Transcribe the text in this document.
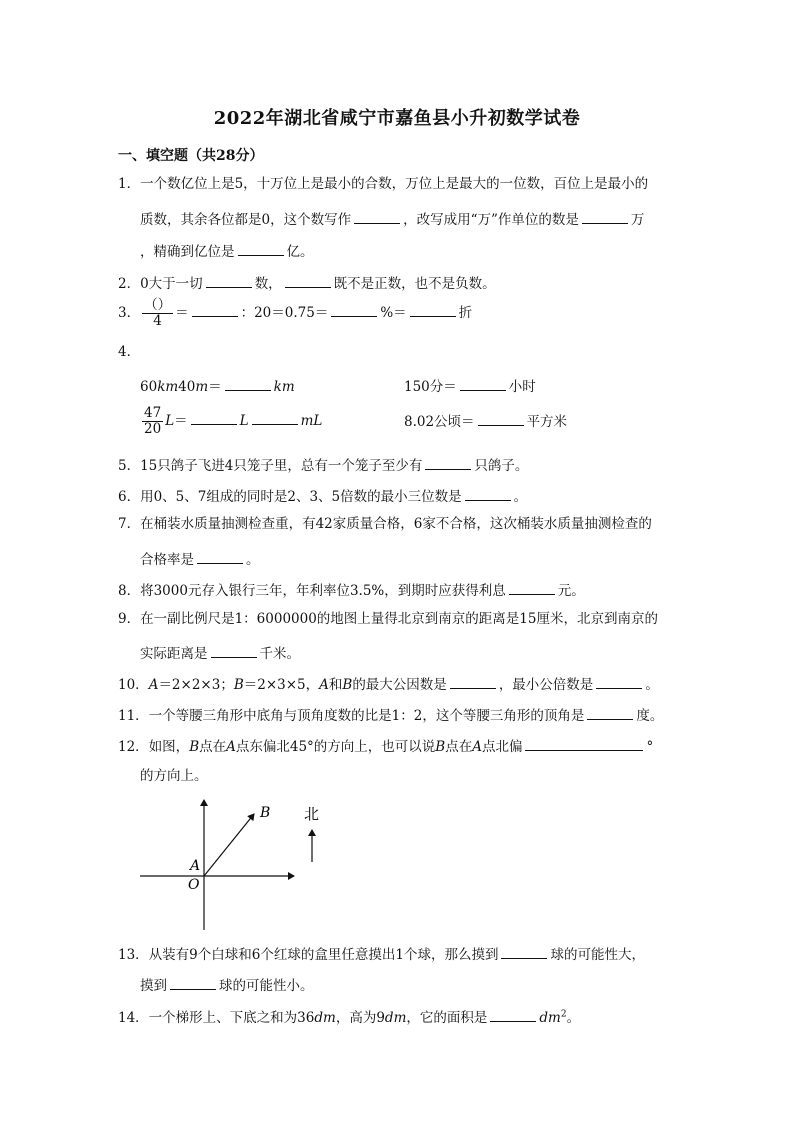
2022年湖北省咸宁市嘉鱼县小升初数学试卷
一、填空题（共28分）
1．一个数亿位上是5，十万位上是最小的合数，万位上是最大的一位数，百位上是最小的
质数，其余各位都是0，这个数写作	，改写成用“万”作单位的数是	万
，精确到亿位是	亿。
2．0大于一切	数，	既不是正数，也不是负数。
3． $\frac{()}{4}$ ＝	：20＝0.75＝	%＝	折
4．
60km40m＝	km	150分＝	小时
$\frac{47}{20} L=$	L	mL	8.02公顷＝	平方米
5．15只鸽子飞进4只笼子里，总有一个笼子至少有	只鸽子。
6．用0、5、7组成的同时是2、3、5倍数的最小三位数是	。
7．在桶装水质量抽测检查重，有42家质量合格，6家不合格，这次桶装水质量抽测检查的
合格率是	。
8．将3000元存入银行三年，年利率位3.5%，到期时应获得利息	元。
9．在一副比例尺是1：6000000的地图上量得北京到南京的距离是15厘米，北京到南京的
实际距离是	千米。
10．A＝2×2×3；B＝2×3×5，A和B的最大公因数是	，最小公倍数是	。
11．一个等腰三角形中底角与顶角度数的比是1：2，这个等腰三角形的顶角是	度。
12．如图，B点在A点东偏北45°的方向上，也可以说B点在A点北偏	°
的方向上。
B
A
O
北
13．从装有9个白球和6个红球的盒里任意摸出1个球，那么摸到	球的可能性大，
摸到	球的可能性小。
14．一个梯形上、下底之和为36dm，高为9dm，它的面积是	$dm^2$。
